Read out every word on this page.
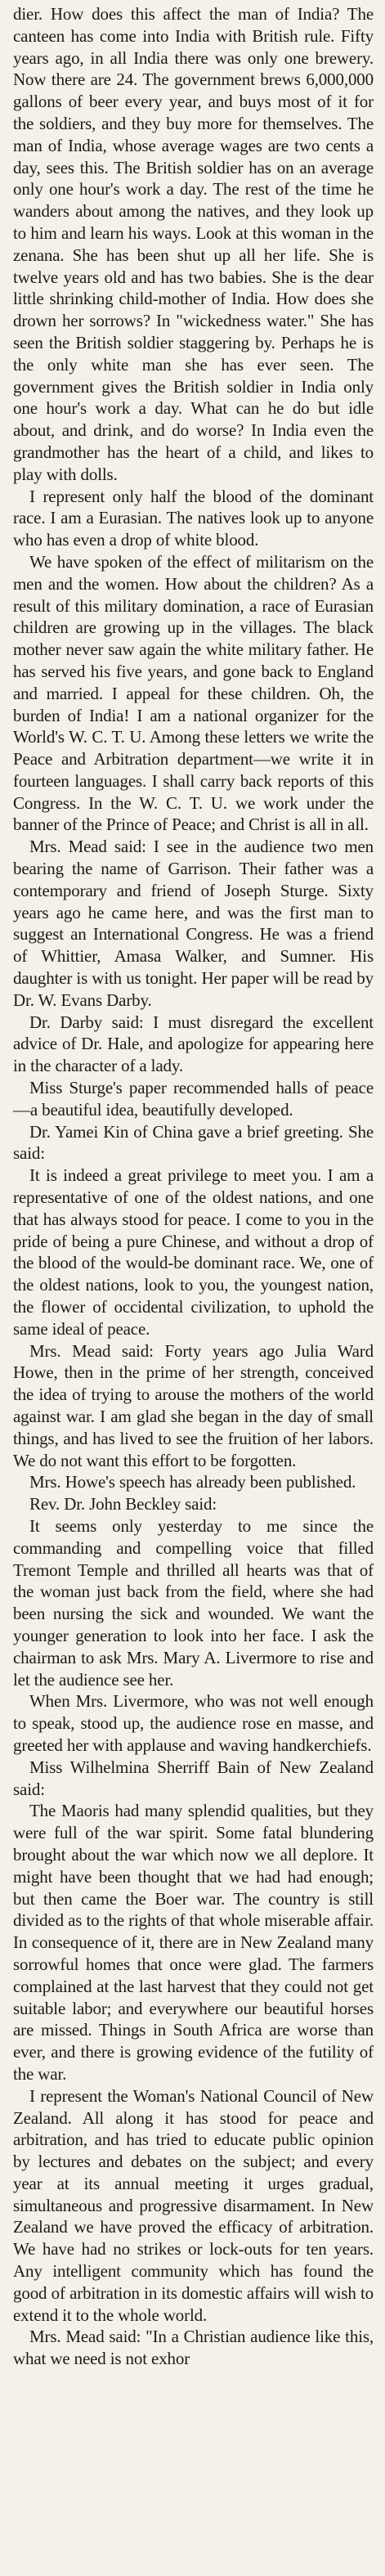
dier. How does this affect the man of India? The canteen has come into India with British rule. Fifty years ago, in all India there was only one brewery. Now there are 24. The government brews 6,000,000 gallons of beer every year, and buys most of it for the soldiers, and they buy more for themselves. The man of India, whose average wages are two cents a day, sees this. The British soldier has on an average only one hour's work a day. The rest of the time he wanders about among the natives, and they look up to him and learn his ways. Look at this woman in the zenana. She has been shut up all her life. She is twelve years old and has two babies. She is the dear little shrinking child-mother of India. How does she drown her sorrows? In "wickedness water." She has seen the British soldier staggering by. Perhaps he is the only white man she has ever seen. The government gives the British soldier in India only one hour's work a day. What can he do but idle about, and drink, and do worse? In India even the grandmother has the heart of a child, and likes to play with dolls.

I represent only half the blood of the dominant race. I am a Eurasian. The natives look up to anyone who has even a drop of white blood.

We have spoken of the effect of militarism on the men and the women. How about the children? As a result of this military domination, a race of Eurasian children are growing up in the villages. The black mother never saw again the white military father. He has served his five years, and gone back to England and married. I appeal for these children. Oh, the burden of India! I am a national organizer for the World's W. C. T. U. Among these letters we write the Peace and Arbitration department—we write it in fourteen languages. I shall carry back reports of this Congress. In the W. C. T. U. we work under the banner of the Prince of Peace; and Christ is all in all.

Mrs. Mead said: I see in the audience two men bearing the name of Garrison. Their father was a contemporary and friend of Joseph Sturge. Sixty years ago he came here, and was the first man to suggest an International Congress. He was a friend of Whittier, Amasa Walker, and Sumner. His daughter is with us tonight. Her paper will be read by Dr. W. Evans Darby.

Dr. Darby said: I must disregard the excellent advice of Dr. Hale, and apologize for appearing here in the character of a lady.

Miss Sturge's paper recommended halls of peace—a beautiful idea, beautifully developed.

Dr. Yamei Kin of China gave a brief greeting. She said:

It is indeed a great privilege to meet you. I am a representative of one of the oldest nations, and one that has always stood for peace. I come to you in the pride of being a pure Chinese, and without a drop of the blood of the would-be dominant race. We, one of the oldest nations, look to you, the youngest nation, the flower of occidental civilization, to uphold the same ideal of peace.

Mrs. Mead said: Forty years ago Julia Ward Howe, then in the prime of her strength, conceived the idea of trying to arouse the mothers of the world against war. I am glad she began in the day of small things, and has lived to see the fruition of her labors. We do not want this effort to be forgotten.

Mrs. Howe's speech has already been published.

Rev. Dr. John Beckley said:

It seems only yesterday to me since the commanding and compelling voice that filled Tremont Temple and thrilled all hearts was that of the woman just back from the field, where she had been nursing the sick and wounded. We want the younger generation to look into her face. I ask the chairman to ask Mrs. Mary A. Livermore to rise and let the audience see her.

When Mrs. Livermore, who was not well enough to speak, stood up, the audience rose en masse, and greeted her with applause and waving handkerchiefs.

Miss Wilhelmina Sherriff Bain of New Zealand said:

The Maoris had many splendid qualities, but they were full of the war spirit. Some fatal blundering brought about the war which now we all deplore. It might have been thought that we had had enough; but then came the Boer war. The country is still divided as to the rights of that whole miserable affair. In consequence of it, there are in New Zealand many sorrowful homes that once were glad. The farmers complained at the last harvest that they could not get suitable labor; and everywhere our beautiful horses are missed. Things in South Africa are worse than ever, and there is growing evidence of the futility of the war.

I represent the Woman's National Council of New Zealand. All along it has stood for peace and arbitration, and has tried to educate public opinion by lectures and debates on the subject; and every year at its annual meeting it urges gradual, simultaneous and progressive disarmament. In New Zealand we have proved the efficacy of arbitration. We have had no strikes or lock-outs for ten years. Any intelligent community which has found the good of arbitration in its domestic affairs will wish to extend it to the whole world.

Mrs. Mead said: "In a Christian audience like this, what we need is not exhor
